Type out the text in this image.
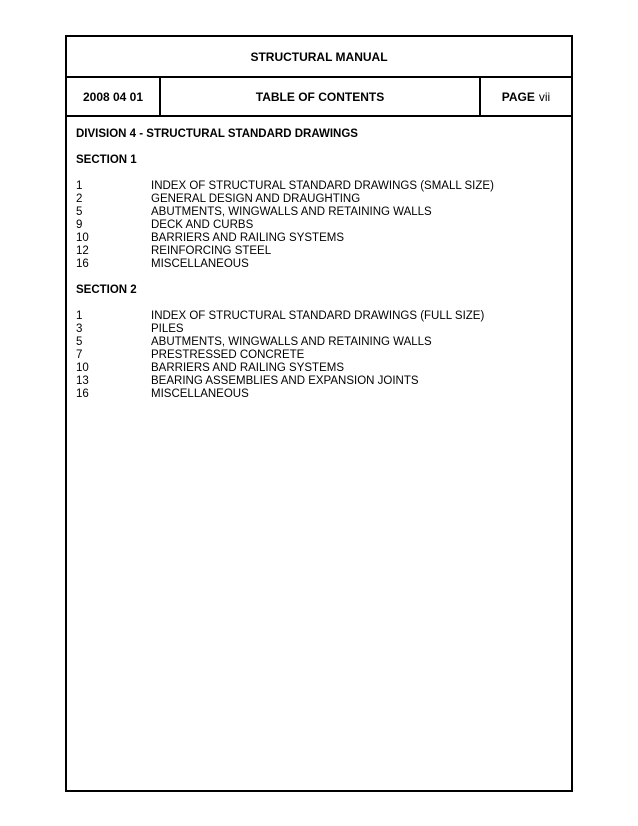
STRUCTURAL MANUAL
2008 04 01	TABLE OF CONTENTS	PAGE vii
DIVISION 4 - STRUCTURAL STANDARD DRAWINGS
SECTION 1
1	INDEX OF STRUCTURAL STANDARD DRAWINGS (SMALL SIZE)
2	GENERAL DESIGN AND DRAUGHTING
5	ABUTMENTS, WINGWALLS AND RETAINING WALLS
9	DECK AND CURBS
10	BARRIERS AND RAILING SYSTEMS
12	REINFORCING STEEL
16	MISCELLANEOUS
SECTION 2
1	INDEX OF STRUCTURAL STANDARD DRAWINGS (FULL SIZE)
3	PILES
5	ABUTMENTS, WINGWALLS AND RETAINING WALLS
7	PRESTRESSED CONCRETE
10	BARRIERS AND RAILING SYSTEMS
13	BEARING ASSEMBLIES AND EXPANSION JOINTS
16	MISCELLANEOUS
